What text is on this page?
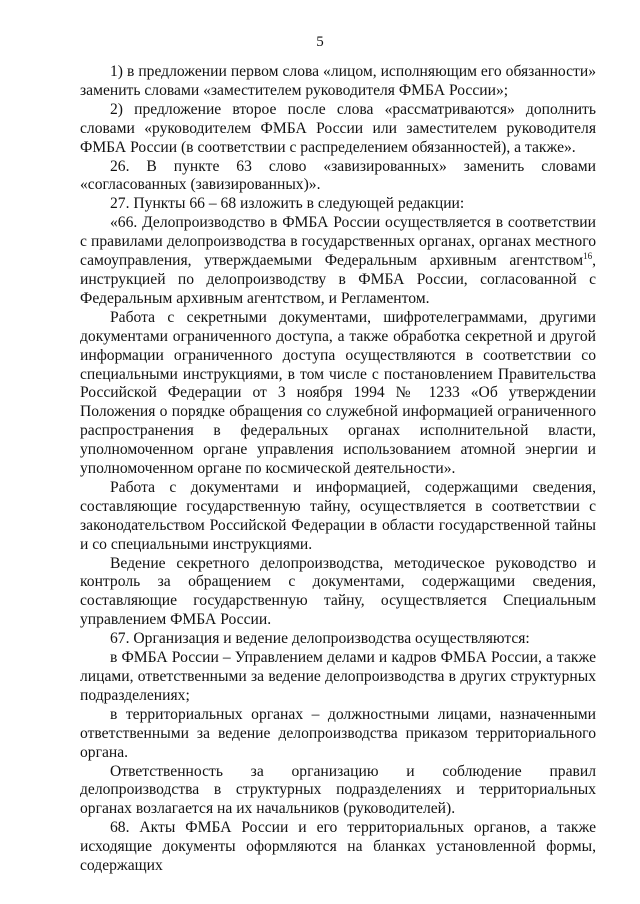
5

1) в предложении первом слова «лицом, исполняющим его обязанности» заменить словами «заместителем руководителя ФМБА России»;

2) предложение второе после слова «рассматриваются» дополнить словами «руководителем ФМБА России или заместителем руководителя ФМБА России (в соответствии с распределением обязанностей), а также».

26. В пункте 63 слово «завизированных» заменить словами «согласованных (завизированных)».

27. Пункты 66 – 68 изложить в следующей редакции:

«66. Делопроизводство в ФМБА России осуществляется в соответствии с правилами делопроизводства в государственных органах, органах местного самоуправления, утверждаемыми Федеральным архивным агентством$^{16}$, инструкцией по делопроизводству в ФМБА России, согласованной с Федеральным архивным агентством, и Регламентом.

Работа с секретными документами, шифротелеграммами, другими документами ограниченного доступа, а также обработка секретной и другой информации ограниченного доступа осуществляются в соответствии со специальными инструкциями, в том числе с постановлением Правительства Российской Федерации от 3 ноября 1994 № 1233 «Об утверждении Положения о порядке обращения со служебной информацией ограниченного распространения в федеральных органах исполнительной власти, уполномоченном органе управления использованием атомной энергии и уполномоченном органе по космической деятельности».

Работа с документами и информацией, содержащими сведения, составляющие государственную тайну, осуществляется в соответствии с законодательством Российской Федерации в области государственной тайны и со специальными инструкциями.

Ведение секретного делопроизводства, методическое руководство и контроль за обращением с документами, содержащими сведения, составляющие государственную тайну, осуществляется Специальным управлением ФМБА России.

67. Организация и ведение делопроизводства осуществляются:

в ФМБА России – Управлением делами и кадров ФМБА России, а также лицами, ответственными за ведение делопроизводства в других структурных подразделениях;

в территориальных органах – должностными лицами, назначенными ответственными за ведение делопроизводства приказом территориального органа.

Ответственность за организацию и соблюдение правил делопроизводства в структурных подразделениях и территориальных органах возлагается на их начальников (руководителей).

68. Акты ФМБА России и его территориальных органов, а также исходящие документы оформляются на бланках установленной формы, содержащих
